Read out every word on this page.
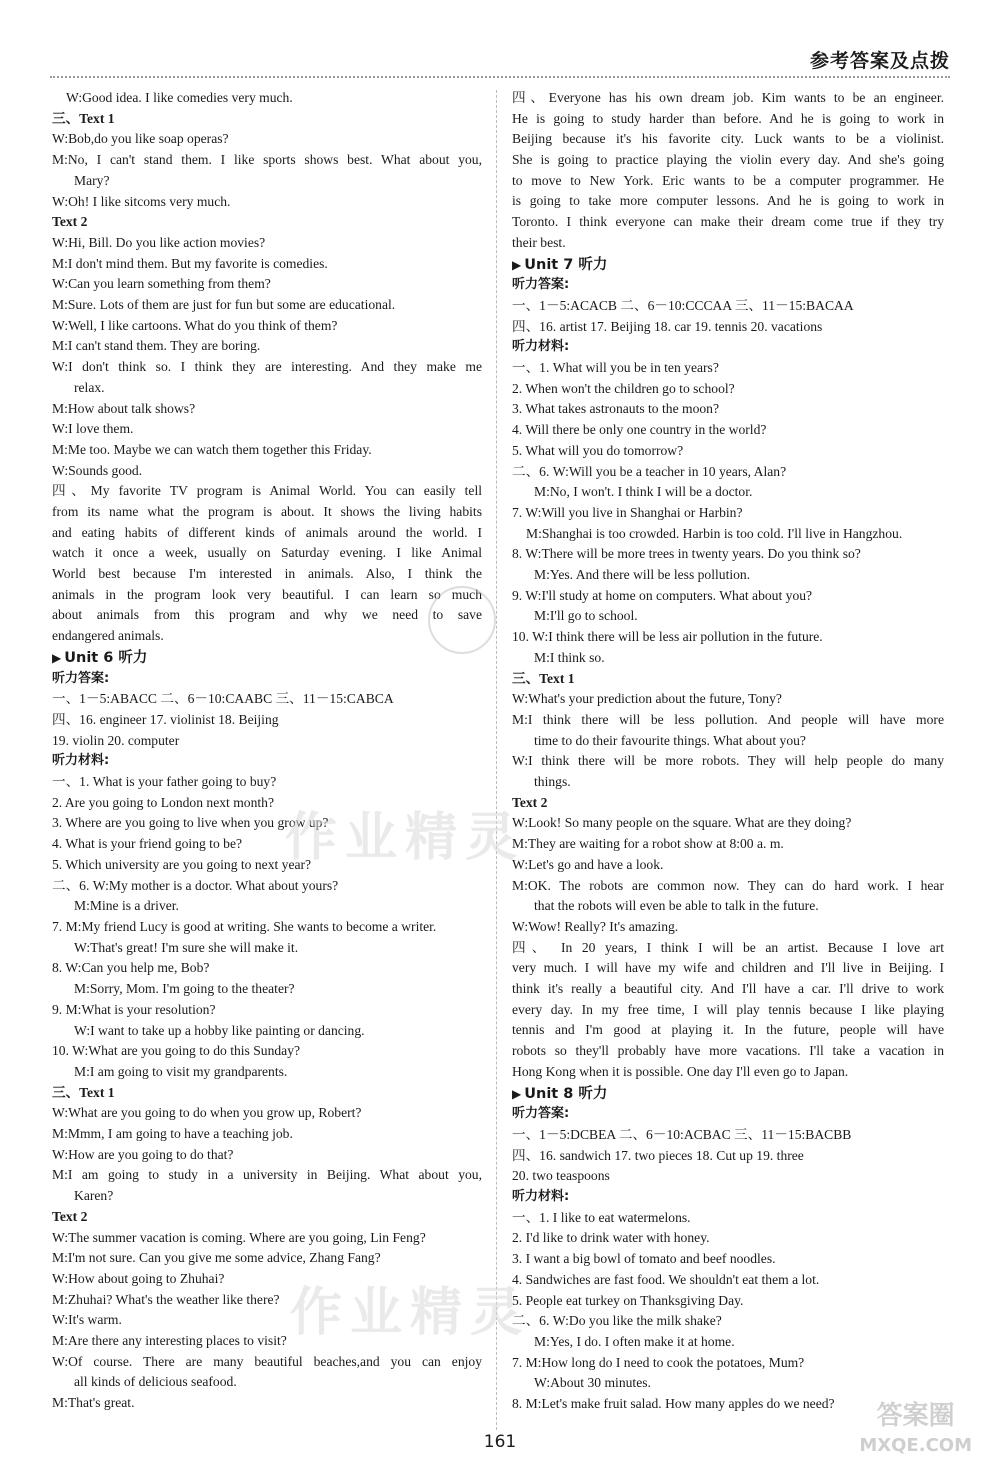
参考答案及点拨
W:Good idea. I like comedies very much.
三、Text 1
W:Bob,do you like soap operas?
M:No, I can't stand them. I like sports shows best. What about you,
Mary?
W:Oh! I like sitcoms very much.
Text 2
W:Hi, Bill. Do you like action movies?
M:I don't mind them. But my favorite is comedies.
W:Can you learn something from them?
M:Sure. Lots of them are just for fun but some are educational.
W:Well, I like cartoons. What do you think of them?
M:I can't stand them. They are boring.
W:I don't think so. I think they are interesting. And they make me
relax.
M:How about talk shows?
W:I love them.
M:Me too. Maybe we can watch them together this Friday.
W:Sounds good.
四、My favorite TV program is Animal World. You can easily tell
from its name what the program is about. It shows the living habits
and eating habits of different kinds of animals around the world. I
watch it once a week, usually on Saturday evening. I like Animal
World best because I'm interested in animals. Also, I think the
animals in the program look very beautiful. I can learn so much
about animals from this program and why we need to save
endangered animals.
▶ Unit 6 听力
听力答案:
一、1－5:ABACC 二、6－10:CAABC 三、11－15:CABCA
四、16. engineer 17. violinist 18. Beijing
19. violin 20. computer
听力材料:
一、1. What is your father going to buy?
2. Are you going to London next month?
3. Where are you going to live when you grow up?
4. What is your friend going to be?
5. Which university are you going to next year?
二、6. W:My mother is a doctor. What about yours?
M:Mine is a driver.
7. M:My friend Lucy is good at writing. She wants to become a writer.
W:That's great! I'm sure she will make it.
8. W:Can you help me, Bob?
M:Sorry, Mom. I'm going to the theater?
9. M:What is your resolution?
W:I want to take up a hobby like painting or dancing.
10. W:What are you going to do this Sunday?
M:I am going to visit my grandparents.
三、Text 1
W:What are you going to do when you grow up, Robert?
M:Mmm, I am going to have a teaching job.
W:How are you going to do that?
M:I am going to study in a university in Beijing. What about you,
Karen?
Text 2
W:The summer vacation is coming. Where are you going, Lin Feng?
M:I'm not sure. Can you give me some advice, Zhang Fang?
W:How about going to Zhuhai?
M:Zhuhai? What's the weather like there?
W:It's warm.
M:Are there any interesting places to visit?
W:Of course. There are many beautiful beaches,and you can enjoy
all kinds of delicious seafood.
M:That's great.
四、Everyone has his own dream job. Kim wants to be an engineer.
He is going to study harder than before. And he is going to work in
Beijing because it's his favorite city. Luck wants to be a violinist.
She is going to practice playing the violin every day. And she's going
to move to New York. Eric wants to be a computer programmer. He
is going to take more computer lessons. And he is going to work in
Toronto. I think everyone can make their dream come true if they try
their best.
▶ Unit 7 听力
听力答案:
一、1－5:ACACB 二、6－10:CCCAA 三、11－15:BACAA
四、16. artist 17. Beijing 18. car 19. tennis 20. vacations
听力材料:
一、1. What will you be in ten years?
2. When won't the children go to school?
3. What takes astronauts to the moon?
4. Will there be only one country in the world?
5. What will you do tomorrow?
二、6. W:Will you be a teacher in 10 years, Alan?
M:No, I won't. I think I will be a doctor.
7. W:Will you live in Shanghai or Harbin?
M:Shanghai is too crowded. Harbin is too cold. I'll live in Hangzhou.
8. W:There will be more trees in twenty years. Do you think so?
M:Yes. And there will be less pollution.
9. W:I'll study at home on computers. What about you?
M:I'll go to school.
10. W:I think there will be less air pollution in the future.
M:I think so.
三、Text 1
W:What's your prediction about the future, Tony?
M:I think there will be less pollution. And people will have more
time to do their favourite things. What about you?
W:I think there will be more robots. They will help people do many
things.
Text 2
W:Look! So many people on the square. What are they doing?
M:They are waiting for a robot show at 8:00 a. m.
W:Let's go and have a look.
M:OK. The robots are common now. They can do hard work. I hear
that the robots will even be able to talk in the future.
W:Wow! Really? It's amazing.
四、 In 20 years, I think I will be an artist. Because I love art
very much. I will have my wife and children and I'll live in Beijing. I
think it's really a beautiful city. And I'll have a car. I'll drive to work
every day. In my free time, I will play tennis because I like playing
tennis and I'm good at playing it. In the future, people will have
robots so they'll probably have more vacations. I'll take a vacation in
Hong Kong when it is possible. One day I'll even go to Japan.
▶ Unit 8 听力
听力答案:
一、1－5:DCBEA 二、6－10:ACBAC 三、11－15:BACBB
四、16. sandwich 17. two pieces 18. Cut up 19. three
20. two teaspoons
听力材料:
一、1. I like to eat watermelons.
2. I'd like to drink water with honey.
3. I want a big bowl of tomato and beef noodles.
4. Sandwiches are fast food. We shouldn't eat them a lot.
5. People eat turkey on Thanksgiving Day.
二、6. W:Do you like the milk shake?
M:Yes, I do. I often make it at home.
7. M:How long do I need to cook the potatoes, Mum?
W:About 30 minutes.
8. M:Let's make fruit salad. How many apples do we need?
作业精灵
作业精灵
答案圈
MXQE.COM
161
